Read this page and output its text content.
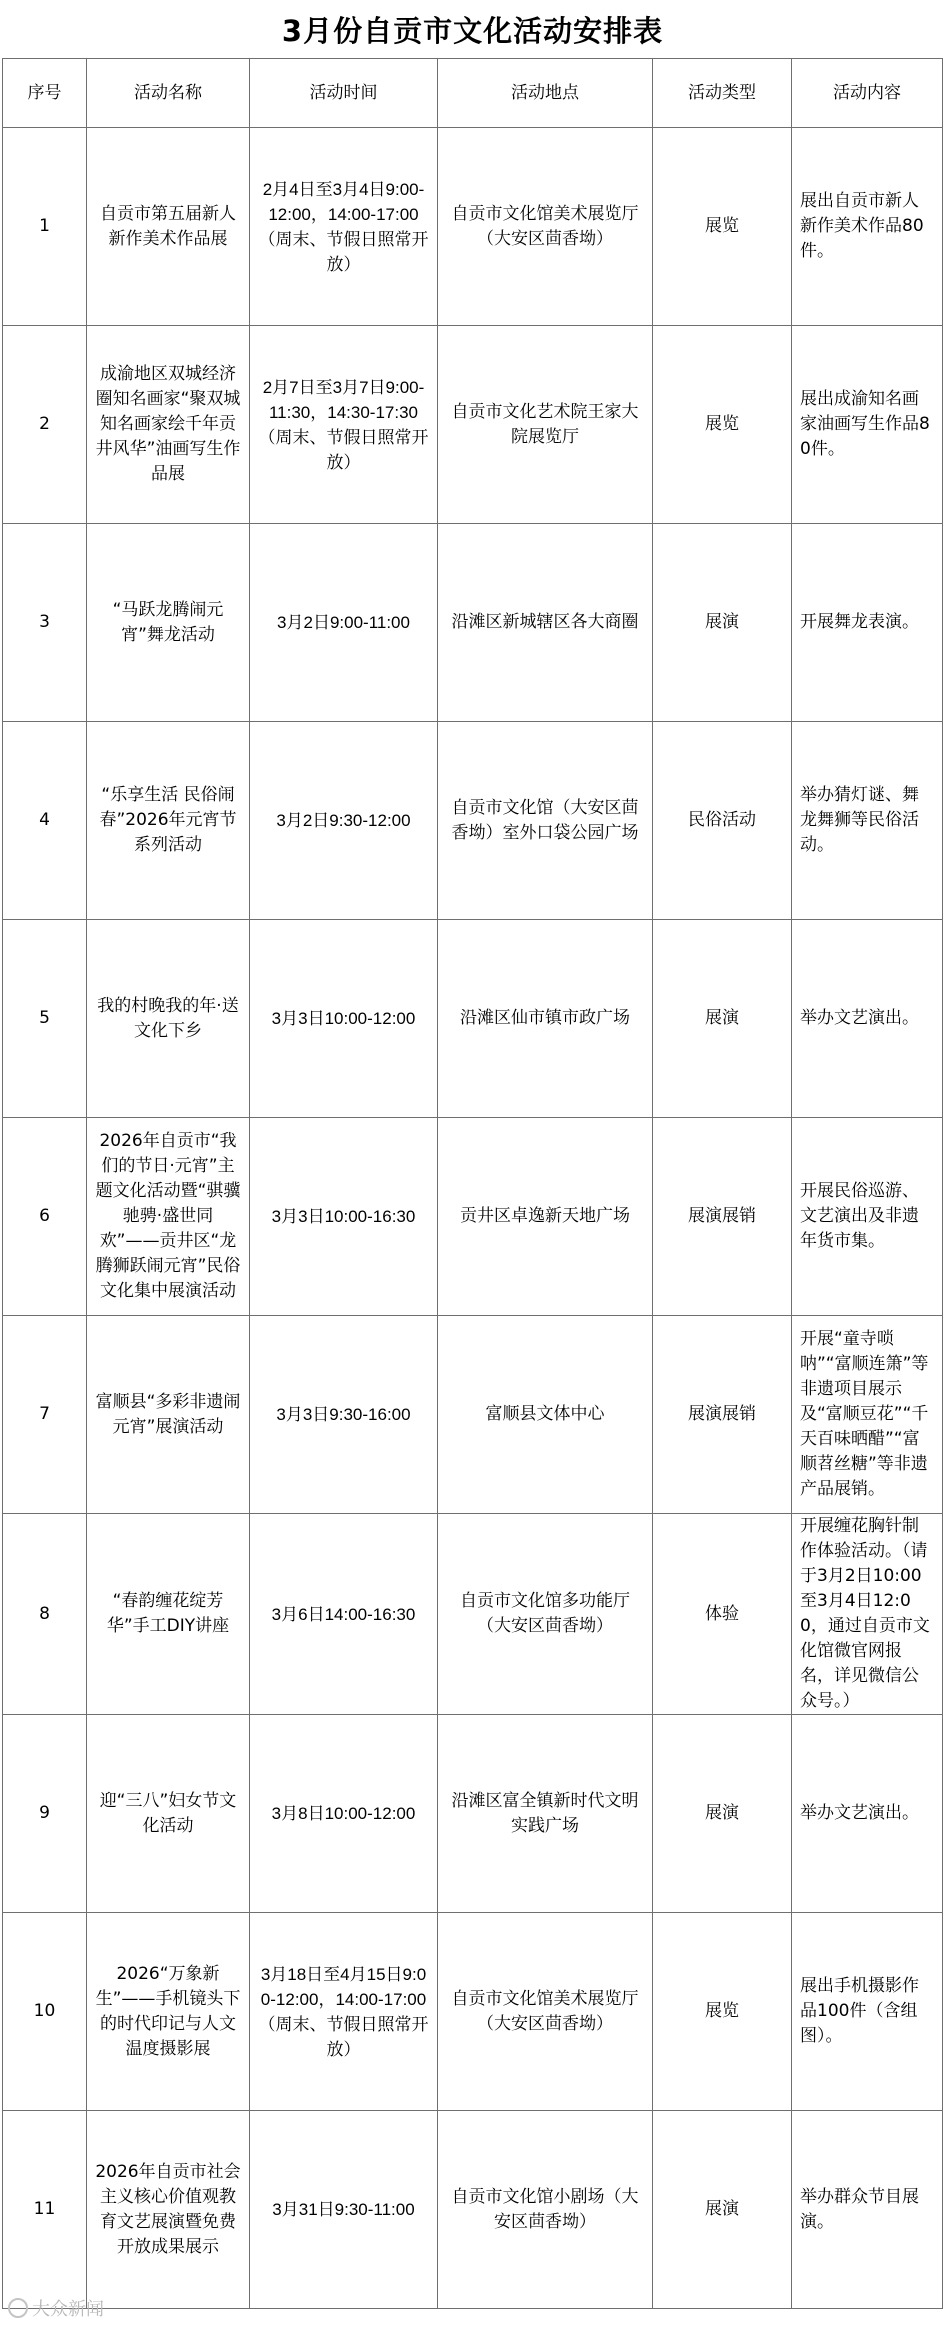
3月份自贡市文化活动安排表
序号	活动名称	活动时间	活动地点	活动类型	活动内容
1	自贡市第五届新人新作美术作品展	2月4日至3月4日9:00-12:00，14:00-17:00（周末、节假日照常开放）	自贡市文化馆美术展览厅（大安区茴香坳）	展览	展出自贡市新人新作美术作品80件。
2	成渝地区双城经济圈知名画家“聚双城知名画家绘千年贡井风华”油画写生作品展	2月7日至3月7日9:00-11:30，14:30-17:30（周末、节假日照常开放）	自贡市文化艺术院王家大院展览厅	展览	展出成渝知名画家油画写生作品80件。
3	“马跃龙腾闹元宵”舞龙活动	3月2日9:00-11:00	沿滩区新城辖区各大商圈	展演	开展舞龙表演。
4	“乐享生活 民俗闹春”2026年元宵节系列活动	3月2日9:30-12:00	自贡市文化馆（大安区茴香坳）室外口袋公园广场	民俗活动	举办猜灯谜、舞龙舞狮等民俗活动。
5	我的村晚我的年·送文化下乡	3月3日10:00-12:00	沿滩区仙市镇市政广场	展演	举办文艺演出。
6	2026年自贡市“我们的节日·元宵”主题文化活动暨“骐骥驰骋·盛世同欢”——贡井区“龙腾狮跃闹元宵”民俗文化集中展演活动	3月3日10:00-16:30	贡井区卓逸新天地广场	展演展销	开展民俗巡游、文艺演出及非遗年货市集。
7	富顺县“多彩非遗闹元宵”展演活动	3月3日9:30-16:00	富顺县文体中心	展演展销	开展“童寺唢呐”“富顺连箫”等非遗项目展示及“富顺豆花”“千天百味晒醋”“富顺苕丝糖”等非遗产品展销。
8	“春韵缠花绽芳华”手工DIY讲座	3月6日14:00-16:30	自贡市文化馆多功能厅（大安区茴香坳）	体验	开展缠花胸针制作体验活动。（请于3月2日10:00至3月4日12:00，通过自贡市文化馆微官网报名，详见微信公众号。）
9	迎“三八”妇女节文化活动	3月8日10:00-12:00	沿滩区富全镇新时代文明实践广场	展演	举办文艺演出。
10	2026“万象新生”——手机镜头下的时代印记与人文温度摄影展	3月18日至4月15日9:00-12:00，14:00-17:00（周末、节假日照常开放）	自贡市文化馆美术展览厅（大安区茴香坳）	展览	展出手机摄影作品100件（含组图）。
11	2026年自贡市社会主义核心价值观教育文艺展演暨免费开放成果展示	3月31日9:30-11:00	自贡市文化馆小剧场（大安区茴香坳）	展演	举办群众节目展演。
大众新闻
